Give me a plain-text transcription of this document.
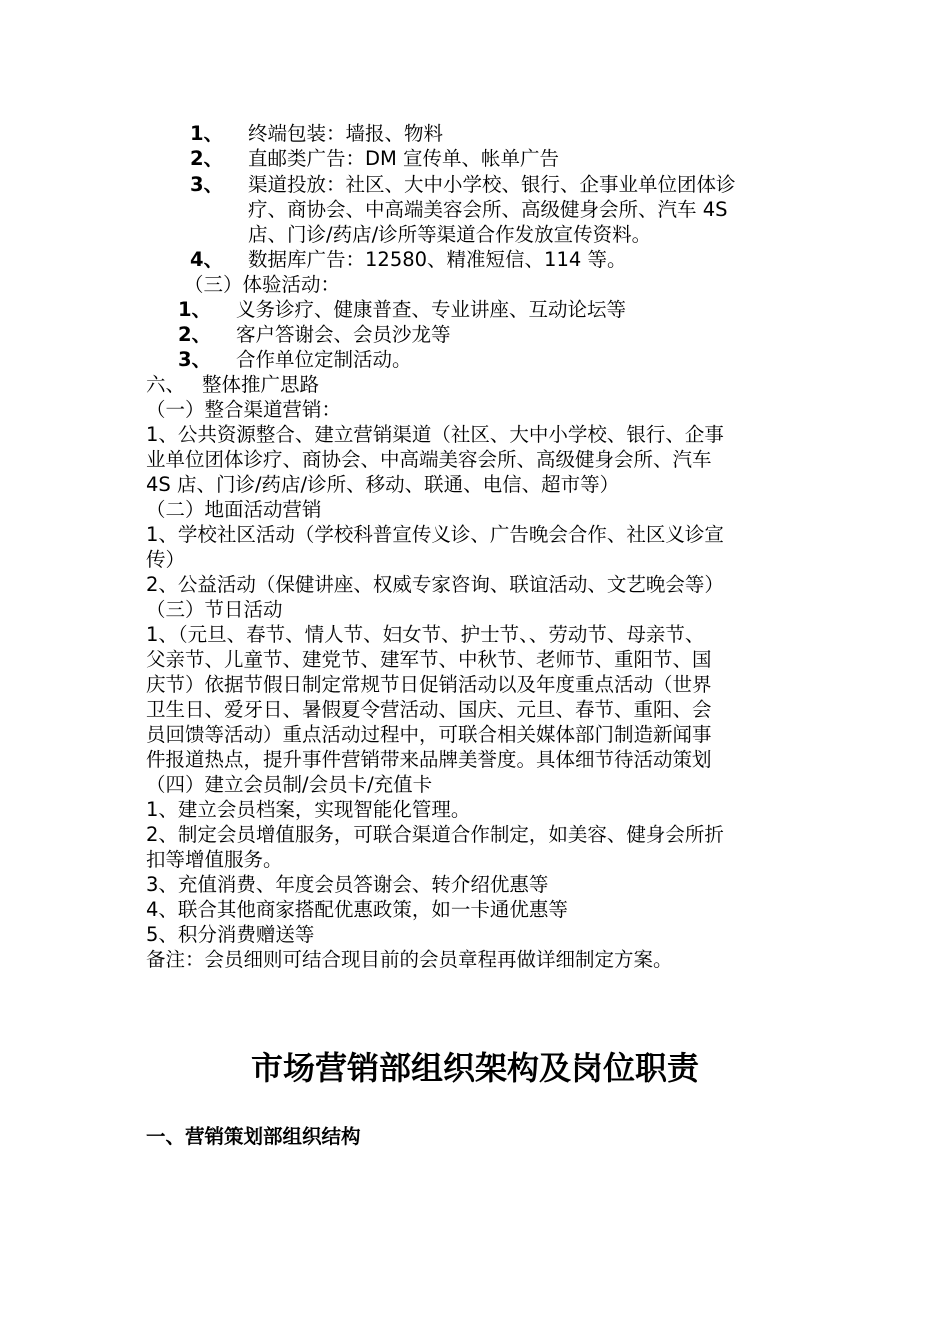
1、	终端包装：墙报、物料
2、	直邮类广告：DM 宣传单、帐单广告
3、	渠道投放：社区、大中小学校、银行、企事业单位团体诊
疗、商协会、中高端美容会所、高级健身会所、汽车 4S
店、门诊/药店/诊所等渠道合作发放宣传资料。
4、	数据库广告：12580、精准短信、114 等。
（三）体验活动：
1、	义务诊疗、健康普查、专业讲座、互动论坛等
2、	客户答谢会、会员沙龙等
3、	合作单位定制活动。
六、 整体推广思路
（一）整合渠道营销：
1、公共资源整合、建立营销渠道（社区、大中小学校、银行、企事
业单位团体诊疗、商协会、中高端美容会所、高级健身会所、汽车
4S 店、门诊/药店/诊所、移动、联通、电信、超市等）
（二）地面活动营销
1、学校社区活动（学校科普宣传义诊、广告晚会合作、社区义诊宣
传）
2、公益活动（保健讲座、权威专家咨询、联谊活动、文艺晚会等）
（三）节日活动
1、（元旦、春节、情人节、妇女节、护士节、、劳动节、母亲节、
父亲节、儿童节、建党节、建军节、中秋节、老师节、重阳节、国
庆节）依据节假日制定常规节日促销活动以及年度重点活动（世界
卫生日、爱牙日、暑假夏令营活动、国庆、元旦、春节、重阳、会
员回馈等活动）重点活动过程中，可联合相关媒体部门制造新闻事
件报道热点，提升事件营销带来品牌美誉度。具体细节待活动策划
（四）建立会员制/会员卡/充值卡
1、建立会员档案，实现智能化管理。
2、制定会员增值服务，可联合渠道合作制定，如美容、健身会所折
扣等增值服务。
3、充值消费、年度会员答谢会、转介绍优惠等
4、联合其他商家搭配优惠政策，如一卡通优惠等
5、积分消费赠送等
备注：会员细则可结合现目前的会员章程再做详细制定方案。
市场营销部组织架构及岗位职责
一、营销策划部组织结构
